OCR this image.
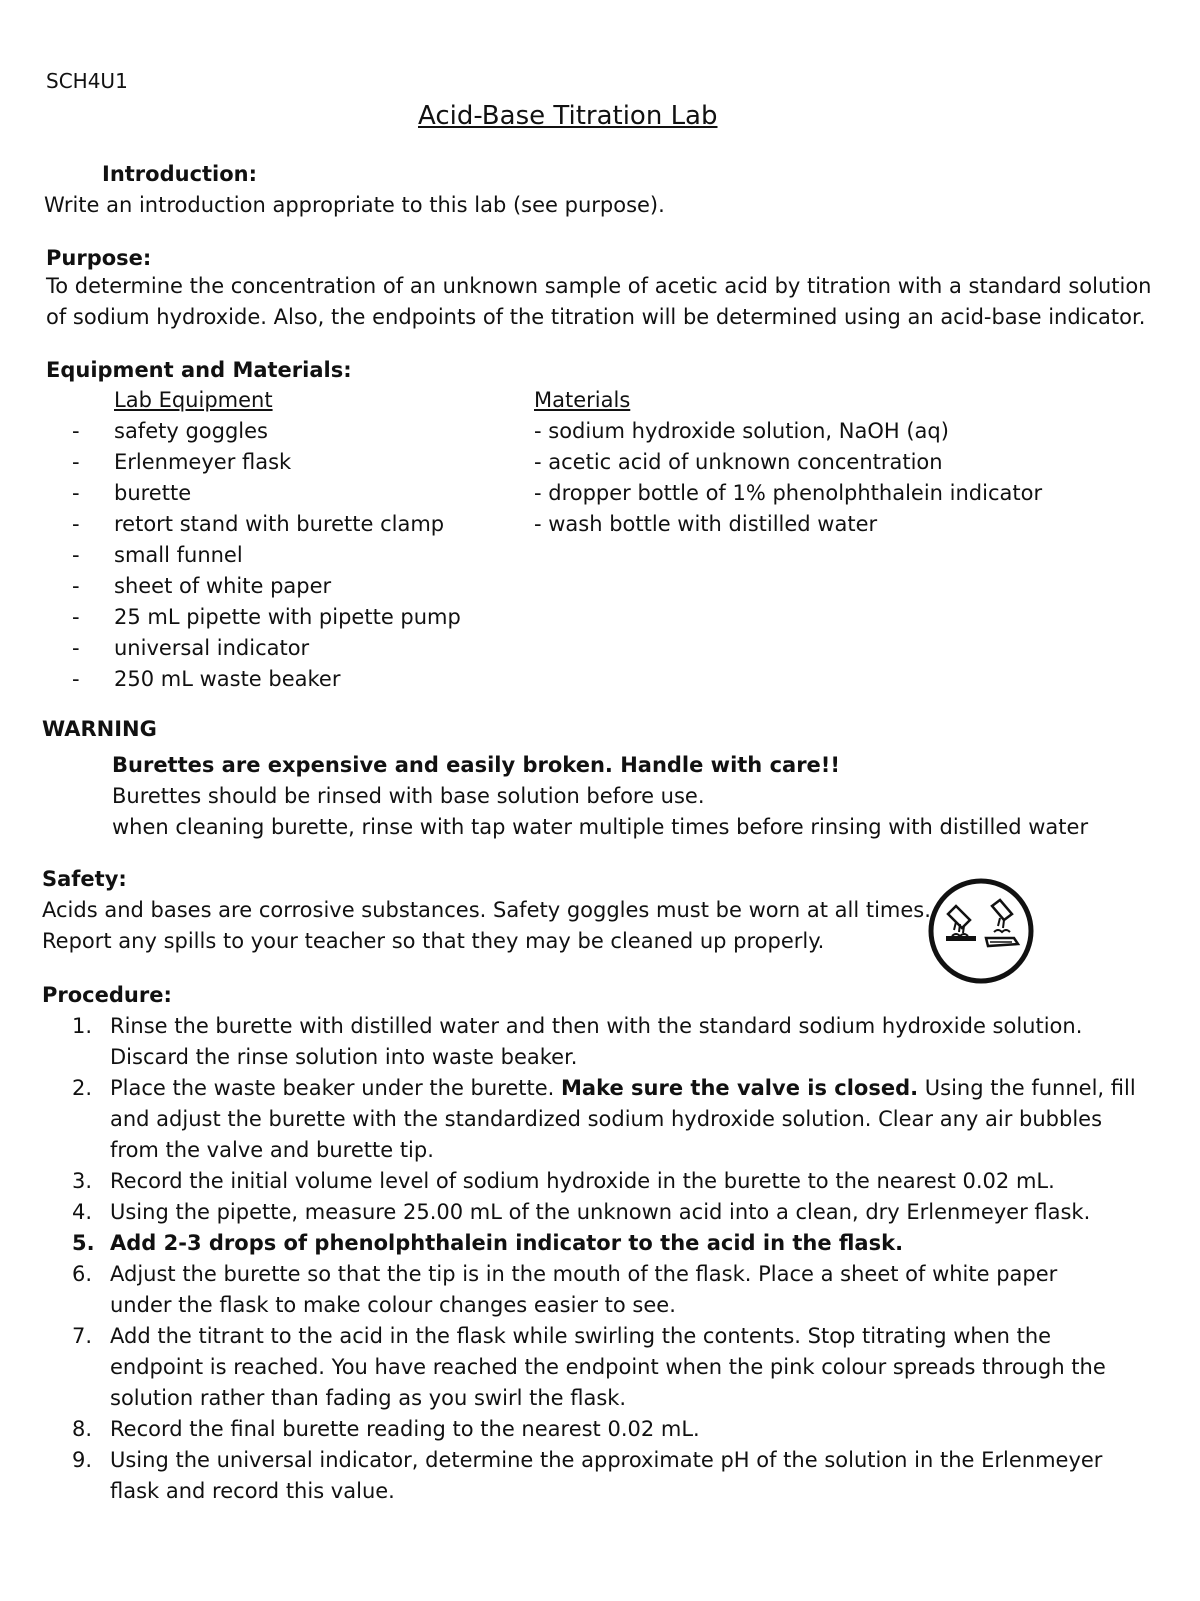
SCH4U1
Acid-Base Titration Lab
Introduction:
Write an introduction appropriate to this lab (see purpose).
Purpose:
To determine the concentration of an unknown sample of acetic acid by titration with a standard solution
of sodium hydroxide. Also, the endpoints of the titration will be determined using an acid-base indicator.
Equipment and Materials:
Lab Equipment	Materials
- safety goggles
- Erlenmeyer flask
- burette
- retort stand with burette clamp
- small funnel
- sheet of white paper
- 25 mL pipette with pipette pump
- universal indicator
- 250 mL waste beaker
- sodium hydroxide solution, NaOH (aq)
- acetic acid of unknown concentration
- dropper bottle of 1% phenolphthalein indicator
- wash bottle with distilled water
WARNING
Burettes are expensive and easily broken. Handle with care!!
Burettes should be rinsed with base solution before use.
when cleaning burette, rinse with tap water multiple times before rinsing with distilled water
Safety:
Acids and bases are corrosive substances. Safety goggles must be worn at all times.
Report any spills to your teacher so that they may be cleaned up properly.
Procedure:
1. Rinse the burette with distilled water and then with the standard sodium hydroxide solution.
Discard the rinse solution into waste beaker.
2. Place the waste beaker under the burette. Make sure the valve is closed. Using the funnel, fill
and adjust the burette with the standardized sodium hydroxide solution. Clear any air bubbles
from the valve and burette tip.
3. Record the initial volume level of sodium hydroxide in the burette to the nearest 0.02 mL.
4. Using the pipette, measure 25.00 mL of the unknown acid into a clean, dry Erlenmeyer flask.
5. Add 2-3 drops of phenolphthalein indicator to the acid in the flask.
6. Adjust the burette so that the tip is in the mouth of the flask. Place a sheet of white paper
under the flask to make colour changes easier to see.
7. Add the titrant to the acid in the flask while swirling the contents. Stop titrating when the
endpoint is reached. You have reached the endpoint when the pink colour spreads through the
solution rather than fading as you swirl the flask.
8. Record the final burette reading to the nearest 0.02 mL.
9. Using the universal indicator, determine the approximate pH of the solution in the Erlenmeyer
flask and record this value.
